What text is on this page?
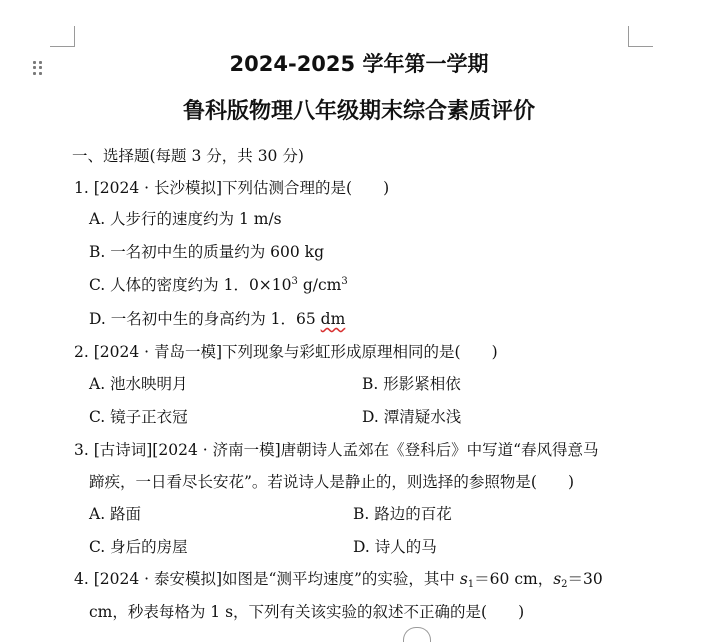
2024-2025 学年第一学期
鲁科版物理八年级期末综合素质评价
一、选择题(每题 3 分，共 30 分)
1. [2024 · 长沙模拟]下列估测合理的是(　　)
A. 人步行的速度约为 1 m/s
B. 一名初中生的质量约为 600 kg
C. 人体的密度约为 1．$0\times 10^3$ $g/cm^3$
D. 一名初中生的身高约为 1．65 dm
2. [2024 · 青岛一模]下列现象与彩虹形成原理相同的是(　　)
A. 池水映明月	B. 形影紧相依
C. 镜子正衣冠	D. 潭清疑水浅
3. [古诗词][2024 · 济南一模]唐朝诗人孟郊在《登科后》中写道“春风得意马
蹄疾，一日看尽长安花”。若说诗人是静止的，则选择的参照物是(　　)
A. 路面	B. 路边的百花
C. 身后的房屋	D. 诗人的马
4. [2024 · 泰安模拟]如图是“测平均速度”的实验，其中 $s_1=60$ cm，$s_2=30$
cm，秒表每格为 1 s，下列有关该实验的叙述不正确的是(　　)
